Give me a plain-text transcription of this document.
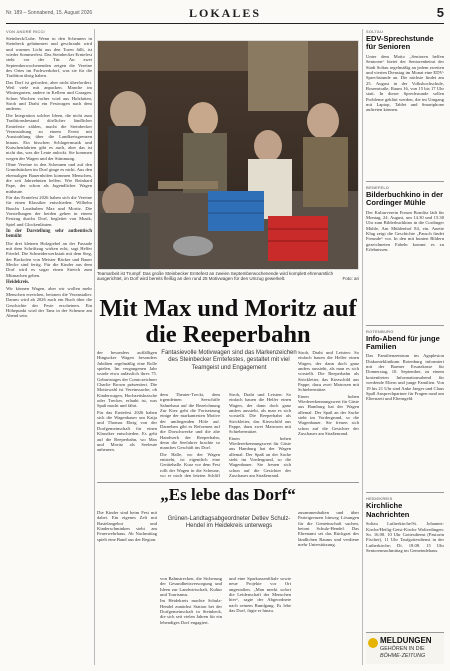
Nr. 189 – Sonnabend, 15. August 2026	LOKALES	5
VON ANDRÉ RICCI

Steinbeck/Luhe. Wenn in den Scheunen in Steinbeck gehämmert und geschraubt wird und warmes Licht aus den Toren fällt, ist wieder Sommerfest. Das Steinbecker Erntefest steht vor der Tür. An zwei Septemberwochenenden zeigen die Vereine des Ortes im Fachwerkdorf, was sie für die Tradition übrig haben.

Das Dorf ist gefordert, aber nicht überfordert. Weil viele mit anpacken. Manche im Wintergarten, andere in Kellern und Garagen. Schon Wochen vorher wird aus Holzlatten, Stroh und Draht ein Festwagen nach dem anderen.

Die Integration solcher Ideen, die nicht zum Traditionsbestand dörflicher ländlicher Erntefeste zählen, macht die Steinbecker Veranstaltung zu einem Event mit Ausstrahlung über die Landkreisgrenzen hinaus. Ein bisschen Schlagermusik und Kutschenfahrten gibt es auch, aber das ist nicht das, was die Leute anlockt. Sie kommen wegen der Wagen und der Stimmung.

Ohne Vereine in den Scheunen und auf den Grundstücken im Dorf ginge es nicht. Aus den ehemaligen Bauernhöfen kommen Menschen, die seit Jahrzehnten helfen. Wie Reinhard Pape, der schon als Jugendlicher Wagen mitbaute.

Für das Erntefest 2026 haben sich die Vereine für einen Klassiker entschieden: Wilhelm Buschs Lausbuben Max und Moritz. Die Vorstellungen der beiden gehen in einem Festzug durchs Dorf, begleitet von Musik, Spiel und Glockenläuten.

In der Darstellung sehr authentisch bemüht

Die drei kleinen Holzgiebel an der Fassade mit dem Schriftzug wirken echt, sagt Helfer Friedel. Die Schneiderwerkstatt mit dem Steg, der Backofen von Meister Bäcker und Bauer Mecke sind fertig. Für die Kinder aus dem Dorf wird es sogar einen Streich zum Mitmachen geben.

Heidekreis.

Wir können Wagen, aber wir wollen mehr Menschen erreichen, betonen die Veranstalter. Darum wird ab 2026 auch ein Buch über die Geschichte der Feste erscheinen. Ein Höhepunkt wird der Tanz in der Scheune am Abend sein.

Teamarbeit ist Trumpf: Das große Steinbecker Erntefest an zweien Septemberwochenende wird komplett ehrenamtlich ausgerichtet, im Dorf wird bereits fleißig an den rund 25 Motivwagen für den Umzug gewerkelt.	Foto: ari
Mit Max und Moritz auf die Reeperbahn
Fantasievolle Motivwagen sind das Markenzeichen des Steinbecker Erntefestes, gestaltet mit viel Teamgeist und Engagement

der besonders auffälligen Hingucker Wagen besonders Jubiläen regelmäßig eine Rolle spielen. Im vergangenen Jahr wurde etwa anlässlich ihres 75. Geburtstages der Comiczeichner Charlie Brown präsentiert. Die Mottowahl ist Vereinssache; ob Kinderwagen, Hochzeitskutsche oder Trecker, erlaubt ist, was Spaß macht und fährt.

Für das Erntefest 2026 haben sich die Wagenbauer um Katja und Thomas Ehrig von der Dorfgemeinschaft für einen Klassiker entschieden. Es geht auf die Reeperbahn, wo Max und Moritz als Seeleute anheuern.

dem Theater-Trecki, dem irgendeinen Seeschiffe Sahnehaut auf die Bezeichnung Zur Kiez geht die Fortsetzung einige der markantesten Motive der umliegenden Höfe auf. Darneben gibt es Reformen auf die Dorschwerke und die alte Handwerk der Reeperbahn, denn die Seefahrer brachte so manches Geschäft ins Dorf.

Die Halle, wo der Wagen entsteht, ist eigentlich eine Gerätehalle. Kurz vor dem Fest rollt der Wagen in die Scheune, wo er noch den letzten Schliff

Stroh, Draht und Leisten: So einfach bauen die Helfer einen Wagen, der dann doch ganz anders aussieht, als man es sich vorstellt. Die Reeperbahn als Strickleiter, das Kiezschild aus Pappe, dazu zwei Matrosen mit Schiebermütze.

Einen hohen Wiedererkennungswert für Gäste aus Hamburg hat der Wagen allemal. Der Spaß an der Sache steht im Vordergrund, so die Wagenbauer. Sie freuen sich schon auf die Gesichter der Zuschauer am Straßenrand.

Stroh, Draht und Leisten: So einfach bauen die Helfer einen Wagen, der dann doch ganz anders aussieht, als man es sich vorstellt. Die Reeperbahn als Strickleiter, das Kiezschild aus Pappe, dazu zwei Matrosen mit Schiebermütze.

Einen hohen Wiedererkennungswert für Gäste aus Hamburg hat der Wagen allemal. Der Spaß an der Sache steht im Vordergrund, so die Wagenbauer. Sie freuen sich schon auf die Gesichter der Zuschauer am Straßenrand.

„Es lebe das Dorf“
Grünen-Landtagsabgeordneter Detlev Schulz-Hendel im Heidekreis unterwegs

Die Kinder sind beim Fest mit dabei. Ein eigenes Zelt mit Bastelangebot und Kinderschminken steht am Feuerwehrhaus. Ab Nachmittag spielt eine Band aus der Region.

von Bahnstrecken, die Sicherung der Gesundheitsversorgung und Ideen zur Landwirtschaft, Kultur und Tourismus.

Im Heidekreis machte Schulz-Hendel zunächst Station bei der Dorfgemeinschaft in Steinbeck, die sich seit vielen Jahren für ein lebendiges Dorf engagiert.

und eine Sparkassenfiliale sowie neue Projekte vor Ort angestoßen. „Man merkt sofort die Leidenschaft der Menschen hier“, sagte der Abgeordnete nach seinem Rundgang. Es lebe das Dorf, fügte er hinzu.

zusammenhalten und über Parteigrenzen hinweg Lösungen für die Gemeinschaft suchen, betont Schulz-Hendel. Das Ehrenamt sei das Rückgrat des ländlichen Raums und verdiene mehr Unterstützung.

SOLTAU
EDV-Sprechstunde für Senioren
Unter dem Motto „Senioren helfen Senioren“ bietet der Seniorenbeirat der Stadt Soltau regelmäßig an jedem zweiten und vierten Dienstag im Monat eine EDV-Sprechstunde an. Die nächste findet am 25. August in der Volkshochschule, Rosenstraße, Raum 16, von 15 bis 17 Uhr statt. In dieser Sprechstunde sollen Probleme geklärt werden, die im Umgang mit Laptop, Tablet und Smartphone auftreten können.
BENEFELD
Bilderbuchkino in der Cordinger Mühle
Der Kulturverein Forum Bomlitz lädt für Montag, 24. August, um 14.30 und 15.30 Uhr zum Bilderbuchkino in die Cordinger Mühle, Am Mühlenhof 84, ein. Anette Klug zeigt die Geschichte „Pausch findet Freunde“ vor. In den mit bunten Bildern gezeichneten Fabeln kommt es zu Erlebnissen.
ROTENBURG
Info-Abend für junge Familien
Das Familienzentrum im Agaplesion Diakonieklinikum Rotenburg informiert mit der Barmer Ersatzkasse für Donnerstag, 10. September, zu einem kostenfreien Informationsabend für werdende Eltern und junge Familien. Von 19 bis 21 Uhr sind Anke Jaeger und Claus Spall Ansprechpartner für Fragen rund um Elternzeit und Elterngeld.
HEIDEKREIS
Kirchliche Nachrichten
Soltau Lutherkirche/St. Johannis-Kirche/Heilig-Geist-Kirche Wolterdingen: So. 16.08. 10 Uhr Gottesdienst (Pastorin Fischer), 11 Uhr Taufgottesdienst in der Lutherkirche; Di. 18.08. 15 Uhr Seniorennachmittag im Gemeindehaus.
MELDUNGEN
GEHÖREN IN DIE
BÖHME·ZEITUNG
